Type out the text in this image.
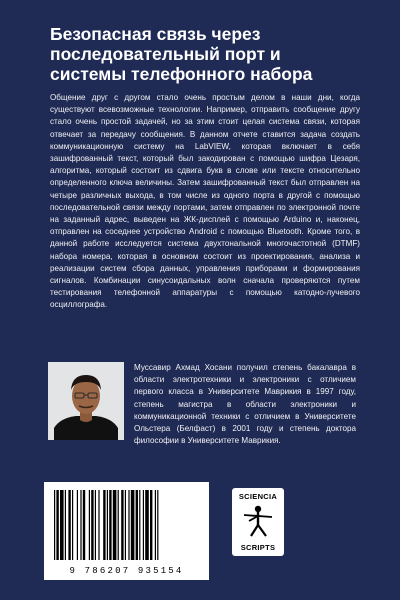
Безопасная связь через
последовательный порт и
системы телефонного набора

Общение друг с другом стало очень простым делом в наши дни, когда существуют всевозможные технологии. Например, отправить сообщение другу стало очень простой задачей, но за этим стоит целая система связи, которая отвечает за передачу сообщения. В данном отчете ставится задача создать коммуникационную систему на LabVIEW, которая включает в себя зашифрованный текст, который был закодирован с помощью шифра Цезаря, алгоритма, который состоит из сдвига букв в слове или тексте относительно определенного ключа величины. Затем зашифрованный текст был отправлен на четыре различных выхода, в том числе из одного порта в другой с помощью последовательной связи между портами, затем отправлен по электронной почте на заданный адрес, выведен на ЖК-дисплей с помощью Arduino и, наконец, отправлен на соседнее устройство Android с помощью Bluetooth. Кроме того, в данной работе исследуется система двухтональной многочастотной (DTMF) набора номера, которая в основном состоит из проектирования, анализа и реализации систем сбора данных, управления приборами и формирования сигналов. Комбинации синусоидальных волн сначала проверяются путем тестирования телефонной аппаратуры с помощью катодно-лучевого осциллографа.

Муссавир Ахмад Хосани получил степень бакалавра в области электротехники и электроники с отличием первого класса в Университете Маврикия в 1997 году, степень магистра в области электроники и коммуникационной техники с отличием в Университете Ольстера (Белфаст) в 2001 году и степень доктора философии в Университете Маврикия.

9 786207 935154
SCIENCIA
SCRIPTS
